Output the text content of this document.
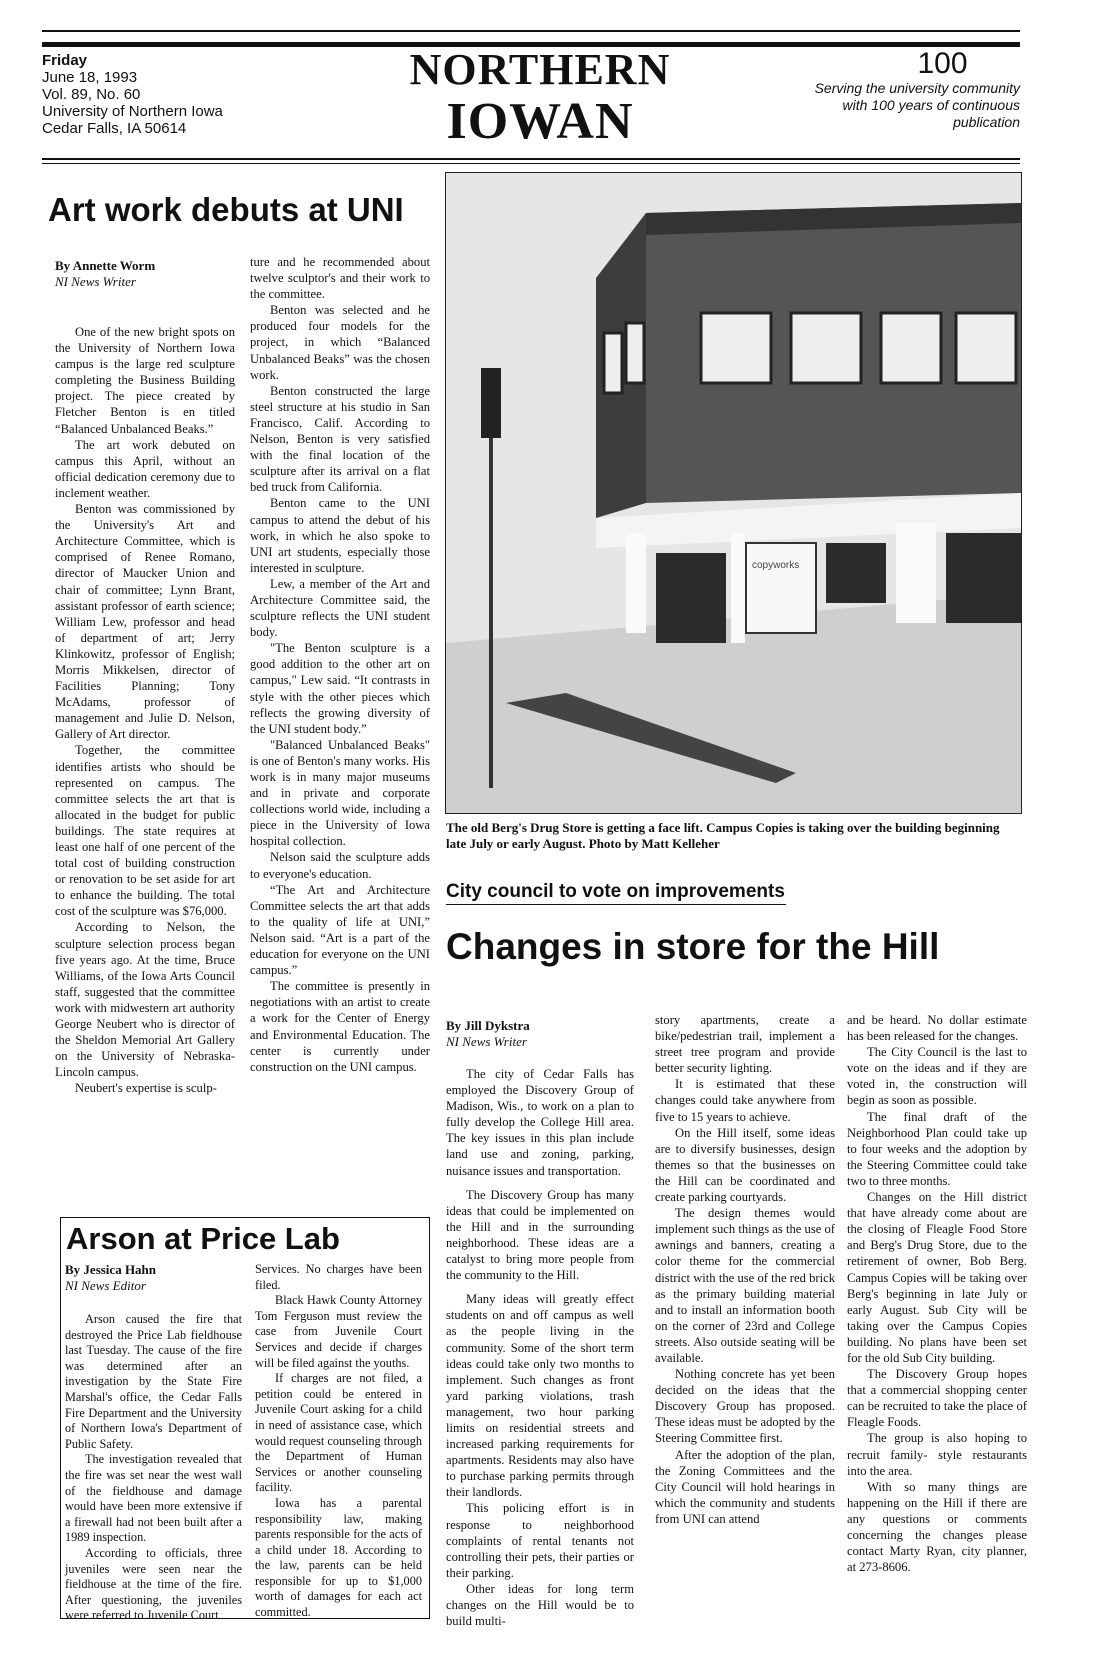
Friday
June 18, 1993
Vol. 89, No. 60
University of Northern Iowa
Cedar Falls, IA 50614
NORTHERN
IOWAN
100
Serving the university community with 100 years of continuous publication
Art work debuts at UNI
By Annette Worm
NI News Writer

One of the new bright spots on the University of Northern Iowa campus is the large red sculpture completing the Business Building project. The piece created by Fletcher Benton is en titled “Balanced Unbalanced Beaks.”

The art work debuted on campus this April, without an official dedication ceremony due to inclement weather.

Benton was commissioned by the University's Art and Architecture Committee, which is comprised of Renee Romano, director of Maucker Union and chair of committee; Lynn Brant, assistant professor of earth science; William Lew, professor and head of department of art; Jerry Klinkowitz, professor of English; Morris Mikkelsen, director of Facilities Planning; Tony McAdams, professor of management and Julie D. Nelson, Gallery of Art director.

Together, the committee identifies artists who should be represented on campus. The committee selects the art that is allocated in the budget for public buildings. The state requires at least one half of one percent of the total cost of building construction or renovation to be set aside for art to enhance the building. The total cost of the sculpture was $76,000.

According to Nelson, the sculpture selection process began five years ago. At the time, Bruce Williams, of the Iowa Arts Council staff, suggested that the committee work with midwestern art authority George Neubert who is director of the Sheldon Memorial Art Gallery on the University of Nebraska-Lincoln campus.

Neubert's expertise is sculp-

ture and he recommended about twelve sculptor's and their work to the committee.

Benton was selected and he produced four models for the project, in which “Balanced Unbalanced Beaks” was the chosen work.

Benton constructed the large steel structure at his studio in San Francisco, Calif. According to Nelson, Benton is very satisfied with the final location of the sculpture after its arrival on a flat bed truck from California.

Benton came to the UNI campus to attend the debut of his work, in which he also spoke to UNI art students, especially those interested in sculpture.

Lew, a member of the Art and Architecture Committee said, the sculpture reflects the UNI student body.

"The Benton sculpture is a good addition to the other art on campus," Lew said. “It contrasts in style with the other pieces which reflects the growing diversity of the UNI student body.”

"Balanced Unbalanced Beaks" is one of Benton's many works. His work is in many major museums and in private and corporate collections world wide, including a piece in the University of Iowa hospital collection.

Nelson said the sculpture adds to everyone's education.

“The Art and Architecture Committee selects the art that adds to the quality of life at UNI,” Nelson said. “Art is a part of the education for everyone on the UNI campus.”

The committee is presently in negotiations with an artist to create a work for the Center of Energy and Environmental Education. The center is currently under construction on the UNI campus.

copyworks
The old Berg's Drug Store is getting a face lift. Campus Copies is taking over the building beginning late July or early August. Photo by Matt Kelleher
City council to vote on improvements
Changes in store for the Hill
By Jill Dykstra
NI News Writer

The city of Cedar Falls has employed the Discovery Group of Madison, Wis., to work on a plan to fully develop the College Hill area. The key issues in this plan include land use and zoning, parking, nuisance issues and transportation.

The Discovery Group has many ideas that could be implemented on the Hill and in the surrounding neighborhood. These ideas are a catalyst to bring more people from the community to the Hill.

Many ideas will greatly effect students on and off campus as well as the people living in the community. Some of the short term ideas could take only two months to implement. Such changes as front yard parking violations, trash management, two hour parking limits on residential streets and increased parking requirements for apartments. Residents may also have to purchase parking permits through their landlords.

This policing effort is in response to neighborhood complaints of rental tenants not controlling their pets, their parties or their parking.

Other ideas for long term changes on the Hill would be to build multi-

story apartments, create a bike/pedestrian trail, implement a street tree program and provide better security lighting.

It is estimated that these changes could take anywhere from five to 15 years to achieve.

On the Hill itself, some ideas are to diversify businesses, design themes so that the businesses on the Hill can be coordinated and create parking courtyards.

The design themes would implement such things as the use of awnings and banners, creating a color theme for the commercial district with the use of the red brick as the primary building material and to install an information booth on the corner of 23rd and College streets. Also outside seating will be available.

Nothing concrete has yet been decided on the ideas that the Discovery Group has proposed. These ideas must be adopted by the Steering Committee first.

After the adoption of the plan, the Zoning Committees and the City Council will hold hearings in which the community and students from UNI can attend

and be heard. No dollar estimate has been released for the changes.

The City Council is the last to vote on the ideas and if they are voted in, the construction will begin as soon as possible.

The final draft of the Neighborhood Plan could take up to four weeks and the adoption by the Steering Committee could take two to three months.

Changes on the Hill district that have already come about are the closing of Fleagle Food Store and Berg's Drug Store, due to the retirement of owner, Bob Berg. Campus Copies will be taking over Berg's beginning in late July or early August. Sub City will be taking over the Campus Copies building. No plans have been set for the old Sub City building.

The Discovery Group hopes that a commercial shopping center can be recruited to take the place of Fleagle Foods.

The group is also hoping to recruit family- style restaurants into the area.

With so many things are happening on the Hill if there are any questions or comments concerning the changes please contact Marty Ryan, city planner, at 273-8606.

Arson at Price Lab
By Jessica Hahn
NI News Editor

Arson caused the fire that destroyed the Price Lab fieldhouse last Tuesday. The cause of the fire was determined after an investigation by the State Fire Marshal's office, the Cedar Falls Fire Department and the University of Northern Iowa's Department of Public Safety.

The investigation revealed that the fire was set near the west wall of the fieldhouse and damage would have been more extensive if a firewall had not been built after a 1989 inspection.

According to officials, three juveniles were seen near the fieldhouse at the time of the fire. After questioning, the juveniles were referred to Juvenile Court

Services. No charges have been filed.

Black Hawk County Attorney Tom Ferguson must review the case from Juvenile Court Services and decide if charges will be filed against the youths.

If charges are not filed, a petition could be entered in Juvenile Court asking for a child in need of assistance case, which would request counseling through the Department of Human Services or another counseling facility.

Iowa has a parental responsibility law, making parents responsible for the acts of a child under 18. According to the law, parents can be held responsible for up to $1,000 worth of damages for each act committed.
